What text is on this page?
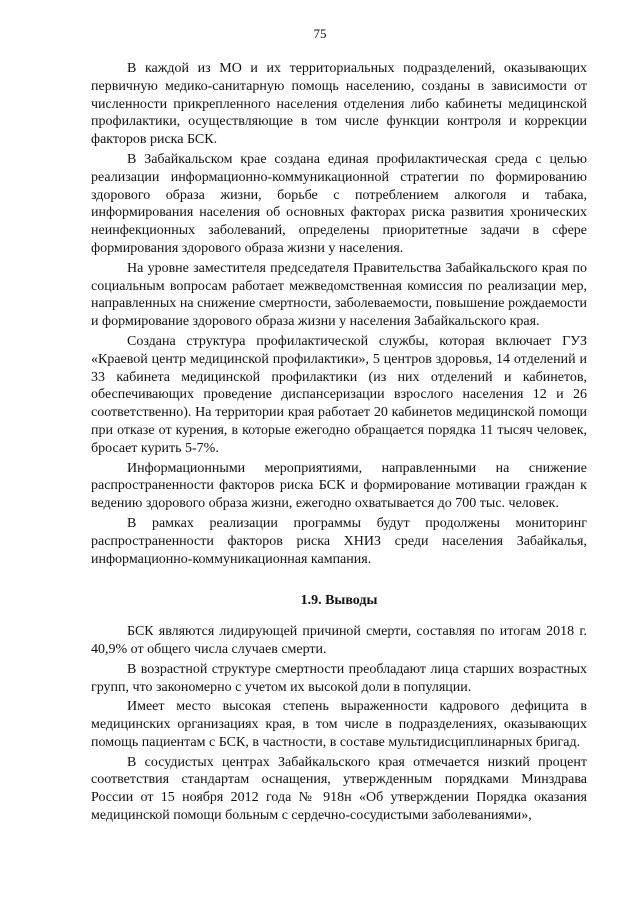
75

В каждой из МО и их территориальных подразделений, оказывающих первичную медико-санитарную помощь населению, созданы в зависимости от численности прикрепленного населения отделения либо кабинеты медицинской профилактики, осуществляющие в том числе функции контроля и коррекции факторов риска БСК.

В Забайкальском крае создана единая профилактическая среда с целью реализации информационно-коммуникационной стратегии по формированию здорового образа жизни, борьбе с потреблением алкоголя и табака, информирования населения об основных факторах риска развития хронических неинфекционных заболеваний, определены приоритетные задачи в сфере формирования здорового образа жизни у населения.

На уровне заместителя председателя Правительства Забайкальского края по социальным вопросам работает межведомственная комиссия по реализации мер, направленных на снижение смертности, заболеваемости, повышение рождаемости и формирование здорового образа жизни у населения Забайкальского края.

Создана структура профилактической службы, которая включает ГУЗ «Краевой центр медицинской профилактики», 5 центров здоровья, 14 отделений и 33 кабинета медицинской профилактики (из них отделений и кабинетов, обеспечивающих проведение диспансеризации взрослого населения 12 и 26 соответственно). На территории края работает 20 кабинетов медицинской помощи при отказе от курения, в которые ежегодно обращается порядка 11 тысяч человек, бросает курить 5-7%.

Информационными мероприятиями, направленными на снижение распространенности факторов риска БСК и формирование мотивации граждан к ведению здорового образа жизни, ежегодно охватывается до 700 тыс. человек.

В рамках реализации программы будут продолжены мониторинг распространенности факторов риска ХНИЗ среди населения Забайкалья, информационно-коммуникационная кампания.

1.9. Выводы

БСК являются лидирующей причиной смерти, составляя по итогам 2018 г. 40,9% от общего числа случаев смерти.

В возрастной структуре смертности преобладают лица старших возрастных групп, что закономерно с учетом их высокой доли в популяции.

Имеет место высокая степень выраженности кадрового дефицита в медицинских организациях края, в том числе в подразделениях, оказывающих помощь пациентам с БСК, в частности, в составе мультидисциплинарных бригад.

В сосудистых центрах Забайкальского края отмечается низкий процент соответствия стандартам оснащения, утвержденным порядками Минздрава России от 15 ноября 2012 года № 918н «Об утверждении Порядка оказания медицинской помощи больным с сердечно-сосудистыми заболеваниями»,
